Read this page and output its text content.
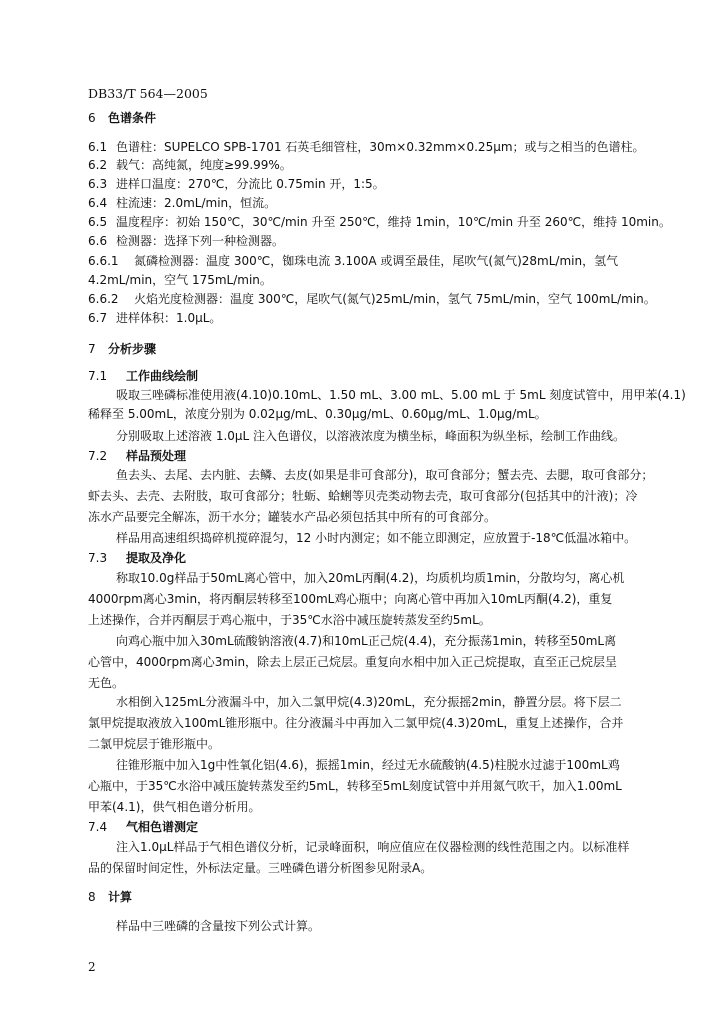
DB33/T 564—2005
6 色谱条件
6.1 色谱柱：SUPELCO SPB-1701 石英毛细管柱，30m×0.32mm×0.25μm；或与之相当的色谱柱。
6.2 载气：高纯氮，纯度≥99.99%。
6.3 进样口温度：270℃，分流比 0.75min 开，1:5。
6.4 柱流速：2.0mL/min，恒流。
6.5 温度程序：初始 150℃，30℃/min 升至 250℃，维持 1min，10℃/min 升至 260℃，维持 10min。
6.6 检测器：选择下列一种检测器。
6.6.1 氮磷检测器：温度 300℃，铷珠电流 3.100A 或调至最佳，尾吹气(氮气)28mL/min，氢气
4.2mL/min，空气 175mL/min。
6.6.2 火焰光度检测器：温度 300℃，尾吹气(氮气)25mL/min，氢气 75mL/min，空气 100mL/min。
6.7 进样体积：1.0μL。
7 分析步骤
7.1 工作曲线绘制
吸取三唑磷标准使用液(4.10)0.10mL、1.50 mL、3.00 mL、5.00 mL 于 5mL 刻度试管中，用甲苯(4.1)
稀释至 5.00mL，浓度分别为 0.02μg/mL、0.30μg/mL、0.60μg/mL、1.0μg/mL。
分别吸取上述溶液 1.0μL 注入色谱仪，以溶液浓度为横坐标，峰面积为纵坐标，绘制工作曲线。
7.2 样品预处理
鱼去头、去尾、去内脏、去鳞、去皮(如果是非可食部分)，取可食部分；蟹去壳、去腮，取可食部分；
虾去头、去壳、去附肢，取可食部分；牡蛎、蛤蜊等贝壳类动物去壳，取可食部分(包括其中的汁液)；冷
冻水产品要完全解冻，沥干水分；罐装水产品必须包括其中所有的可食部分。
样品用高速组织捣碎机搅碎混匀，12 小时内测定；如不能立即测定，应放置于-18℃低温冰箱中。
7.3 提取及净化
称取10.0g样品于50mL离心管中，加入20mL丙酮(4.2)，均质机均质1min，分散均匀，离心机
4000rpm离心3min，将丙酮层转移至100mL鸡心瓶中；向离心管中再加入10mL丙酮(4.2)，重复
上述操作，合并丙酮层于鸡心瓶中，于35℃水浴中减压旋转蒸发至约5mL。
向鸡心瓶中加入30mL硫酸钠溶液(4.7)和10mL正己烷(4.4)，充分振荡1min，转移至50mL离
心管中，4000rpm离心3min，除去上层正己烷层。重复向水相中加入正己烷提取，直至正己烷层呈
无色。
水相倒入125mL分液漏斗中，加入二氯甲烷(4.3)20mL，充分振摇2min，静置分层。将下层二
氯甲烷提取液放入100mL锥形瓶中。往分液漏斗中再加入二氯甲烷(4.3)20mL，重复上述操作，合并
二氯甲烷层于锥形瓶中。
往锥形瓶中加入1g中性氧化铝(4.6)，振摇1min，经过无水硫酸钠(4.5)柱脱水过滤于100mL鸡
心瓶中，于35℃水浴中减压旋转蒸发至约5mL，转移至5mL刻度试管中并用氮气吹干，加入1.00mL
甲苯(4.1)，供气相色谱分析用。
7.4 气相色谱测定
注入1.0μL样品于气相色谱仪分析，记录峰面积，响应值应在仪器检测的线性范围之内。以标准样
品的保留时间定性，外标法定量。三唑磷色谱分析图参见附录A。
8 计算
样品中三唑磷的含量按下列公式计算。
2
